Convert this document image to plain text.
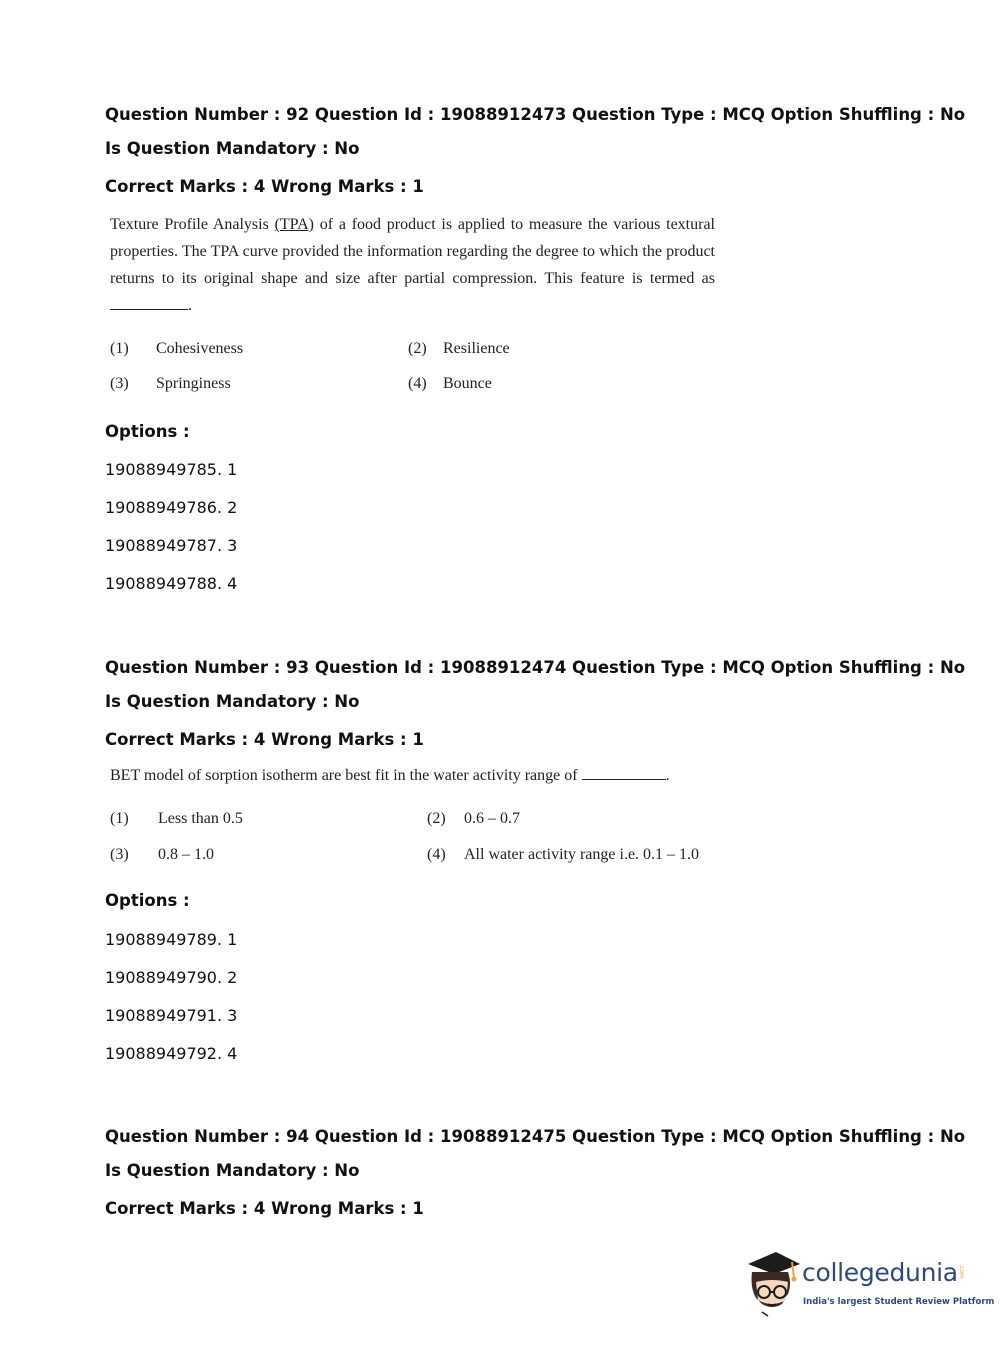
Question Number : 92 Question Id : 19088912473 Question Type : MCQ Option Shuffling : No

Is Question Mandatory : No

Correct Marks : 4 Wrong Marks : 1

Texture Profile Analysis (TPA) of a food product is applied to measure the various textural properties. The TPA curve provided the information regarding the degree to which the product returns to its original shape and size after partial compression. This feature is termed as .
(1) Cohesiveness	(2) Resilience
(3) Springiness	(4) Bounce
Options :
19088949785. 1
19088949786. 2
19088949787. 3
19088949788. 4

Question Number : 93 Question Id : 19088912474 Question Type : MCQ Option Shuffling : No

Is Question Mandatory : No

Correct Marks : 4 Wrong Marks : 1

BET model of sorption isotherm are best fit in the water activity range of	.
(1) Less than 0.5	(2) 0.6 – 0.7
(3) 0.8 – 1.0	(4) All water activity range i.e. 0.1 – 1.0
Options :
19088949789. 1
19088949790. 2
19088949791. 3
19088949792. 4

Question Number : 94 Question Id : 19088912475 Question Type : MCQ Option Shuffling : No

Is Question Mandatory : No

Correct Marks : 4 Wrong Marks : 1

collegedunia .com
India's largest Student Review Platform
